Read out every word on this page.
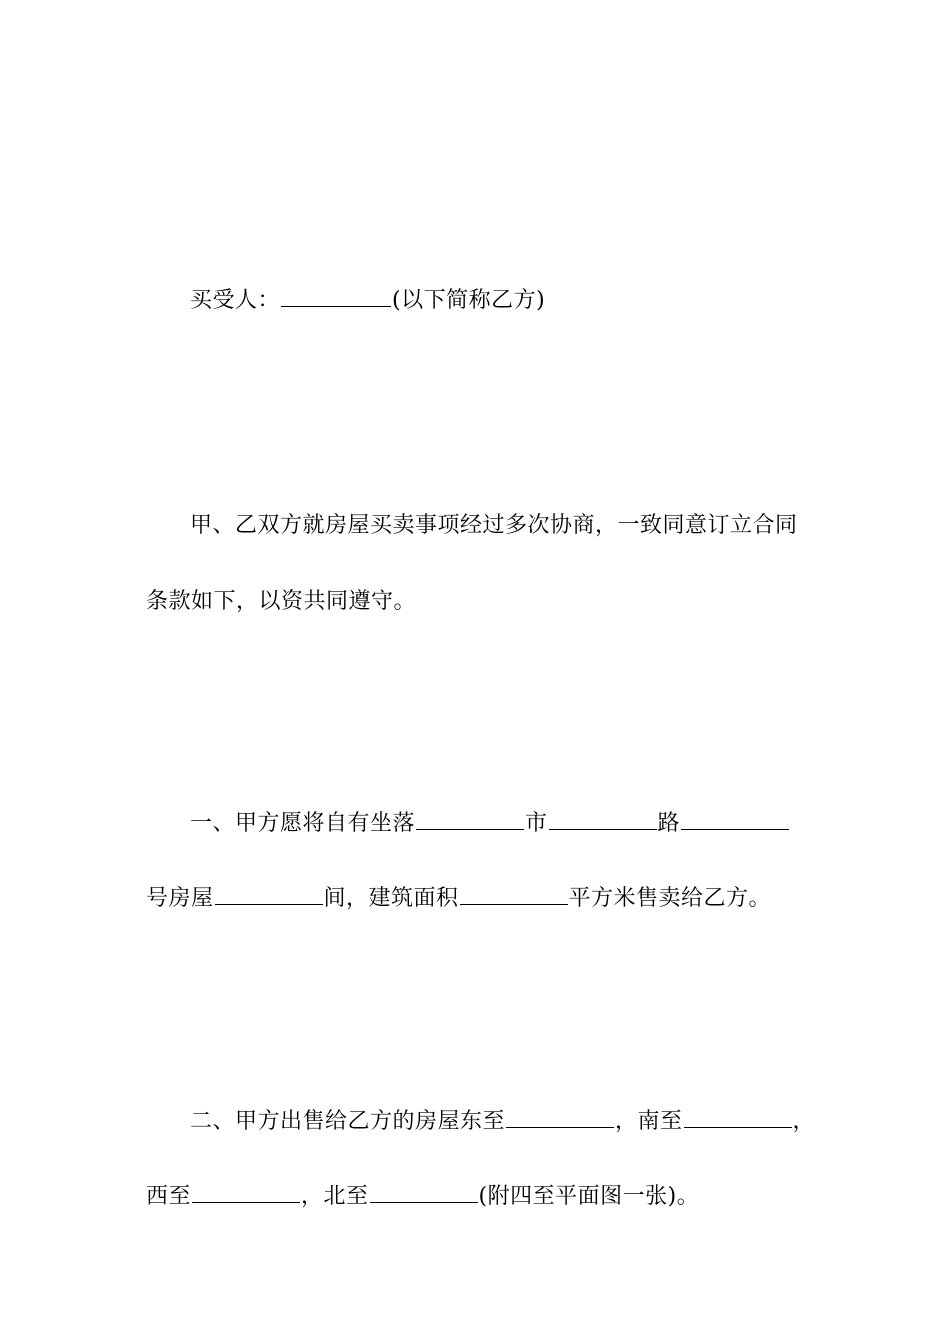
买受人：	(以下简称乙方)
甲、乙双方就房屋买卖事项经过多次协商，一致同意订立合同
条款如下，以资共同遵守。
一、甲方愿将自有坐落	市	路
号房屋	间，建筑面积	平方米售卖给乙方。
二、甲方出售给乙方的房屋东至	，南至	，
西至	，北至	(附四至平面图一张)。
